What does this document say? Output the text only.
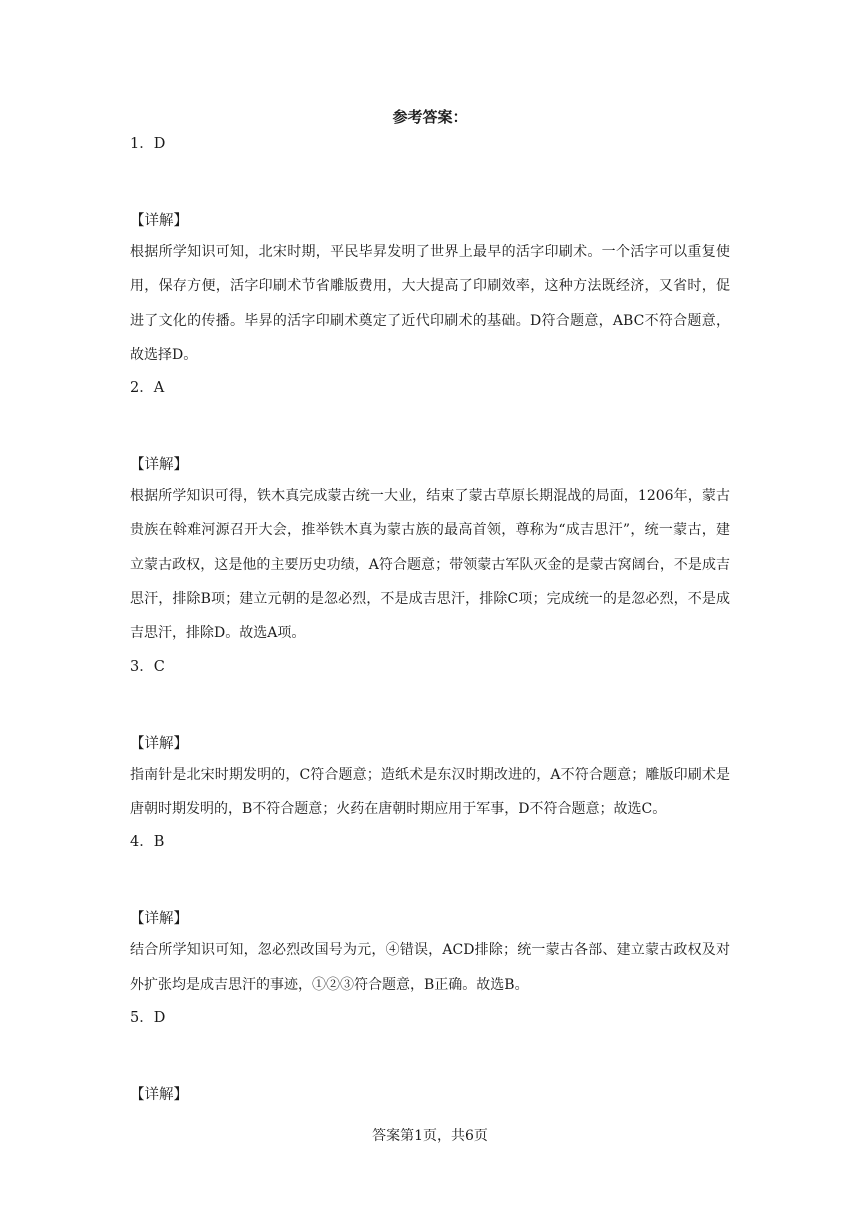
参考答案：

1．D

【详解】

根据所学知识可知，北宋时期，平民毕昇发明了世界上最早的活字印刷术。一个活字可以重复使用，保存方便，活字印刷术节省雕版费用，大大提高了印刷效率，这种方法既经济，又省时，促进了文化的传播。毕昇的活字印刷术奠定了近代印刷术的基础。D符合题意，ABC不符合题意，故选择D。

2．A

【详解】

根据所学知识可得，铁木真完成蒙古统一大业，结束了蒙古草原长期混战的局面，1206年，蒙古贵族在斡难河源召开大会，推举铁木真为蒙古族的最高首领，尊称为“成吉思汗”，统一蒙古，建立蒙古政权，这是他的主要历史功绩，A符合题意；带领蒙古军队灭金的是蒙古窝阔台，不是成吉思汗，排除B项；建立元朝的是忽必烈，不是成吉思汗，排除C项；完成统一的是忽必烈，不是成吉思汗，排除D。故选A项。

3．C

【详解】

指南针是北宋时期发明的，C符合题意；造纸术是东汉时期改进的，A不符合题意；雕版印刷术是唐朝时期发明的，B不符合题意；火药在唐朝时期应用于军事，D不符合题意；故选C。

4．B

【详解】

结合所学知识可知，忽必烈改国号为元，④错误，ACD排除；统一蒙古各部、建立蒙古政权及对外扩张均是成吉思汗的事迹，①②③符合题意，B正确。故选B。

5．D

【详解】

答案第1页，共6页
